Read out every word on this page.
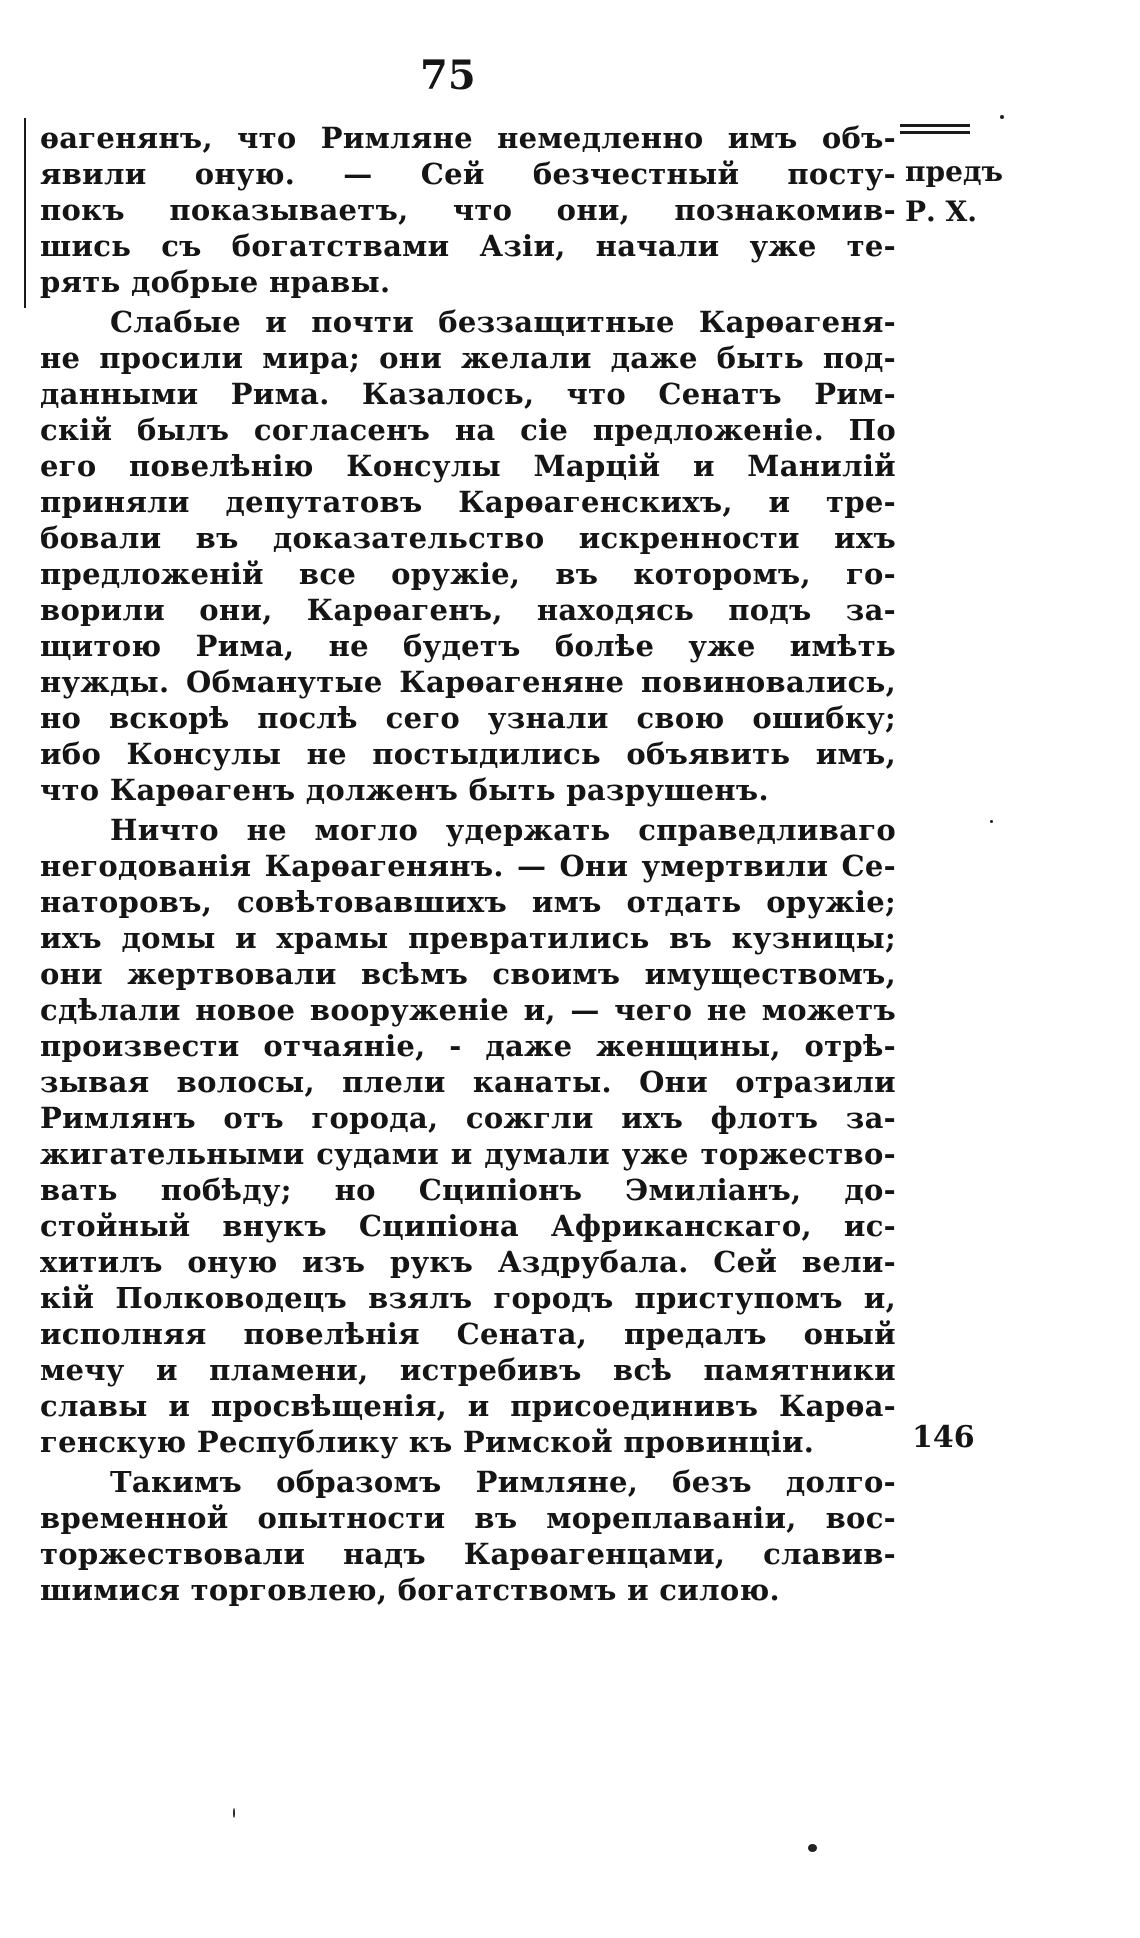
75
предъ
Р. Х.
146
ѳагенянъ, что Римляне немедленно имъ объ-
явили оную. — Сей безчестный посту-
покъ показываетъ, что они, познакомив-
шись съ богатствами Азіи, начали уже те-
рять добрые нравы.
Слабые и почти беззащитные Карѳагеня-
не просили мира; они желали даже быть под-
данными Рима. Казалось, что Сенатъ Рим-
скій былъ согласенъ на сіе предложеніе. По
его повелѣнію Консулы Марцій и Манилій
приняли депутатовъ Карѳагенскихъ, и тре-
бовали въ доказательство искренности ихъ
предложеній все оружіе, въ которомъ, го-
ворили они, Карѳагенъ, находясь подъ за-
щитою Рима, не будетъ болѣе уже имѣть
нужды. Обманутые Карѳагеняне повиновались,
но вскорѣ послѣ сего узнали свою ошибку;
ибо Консулы не постыдились объявить имъ,
что Карѳагенъ долженъ быть разрушенъ.
Ничто не могло удержать справедливаго
негодованія Карѳагенянъ. — Они умертвили Се-
наторовъ, совѣтовавшихъ имъ отдать оружіе;
ихъ домы и храмы превратились въ кузницы;
они жертвовали всѣмъ своимъ имуществомъ,
сдѣлали новое вооруженіе и, — чего не можетъ
произвести отчаяніе, - даже женщины, отрѣ-
зывая волосы, плели канаты. Они отразили
Римлянъ отъ города, сожгли ихъ флотъ за-
жигательными судами и думали уже торжество-
вать побѣду; но Сципіонъ Эмиліанъ, до-
стойный внукъ Сципіона Африканскаго, ис-
хитилъ оную изъ рукъ Аздрубала. Сей вели-
кій Полководецъ взялъ городъ приступомъ и,
исполняя повелѣнія Сената, предалъ оный
мечу и пламени, истребивъ всѣ памятники
славы и просвѣщенія, и присоединивъ Карѳа-
генскую Республику къ Римской провинціи.
Такимъ образомъ Римляне, безъ долго-
временной опытности въ мореплаваніи, вос-
торжествовали надъ Карѳагенцами, славив-
шимися торговлею, богатствомъ и силою.
